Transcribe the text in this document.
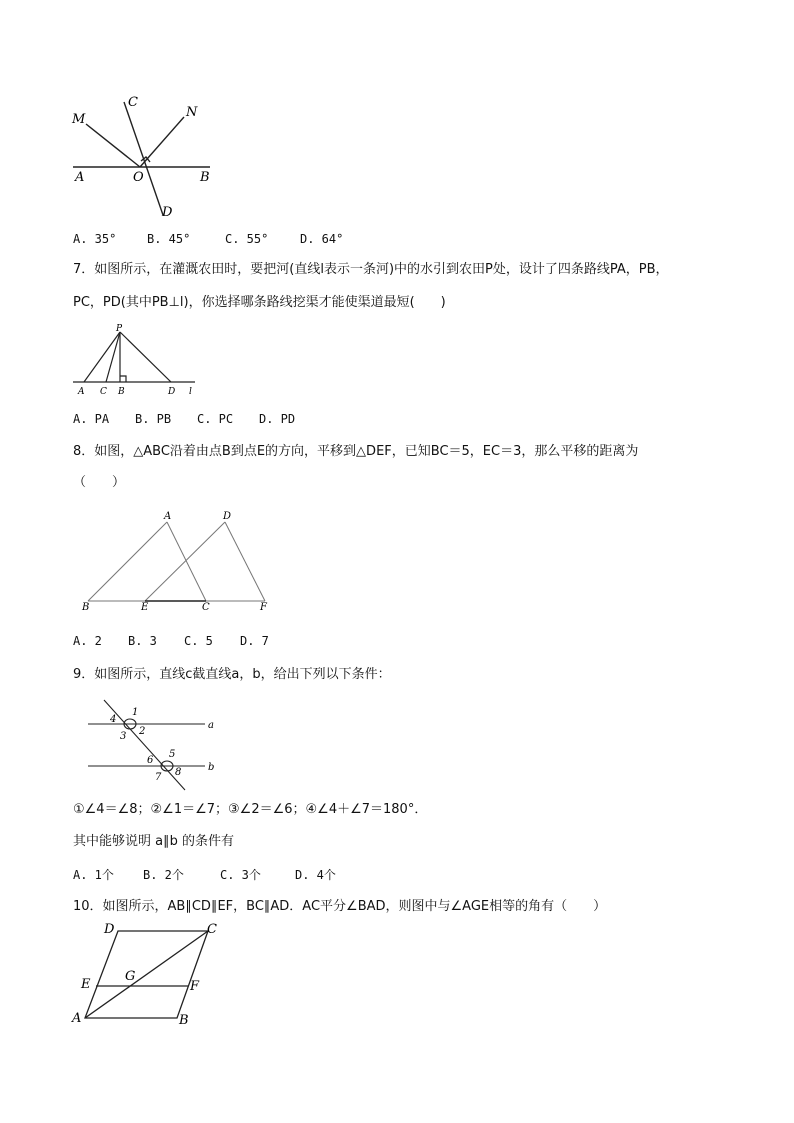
M
C
N
A	O	B
D
A. 35°	B. 45°	C. 55°	D. 64°
7．如图所示，在灌溉农田时，要把河(直线l表示一条河)中的水引到农田P处，设计了四条路线PA，PB，
PC，PD(其中PB⊥l)，你选择哪条路线挖渠才能使渠道最短(　　)
P
A C B	D l
A. PA B. PB C. PC D. PD
8．如图，△ABC沿着由点B到点E的方向，平移到△DEF，已知BC＝5，EC＝3，那么平移的距离为
（　　）
A	D
B	E	C	F
A. 2 B. 3 C. 5 D. 7
9．如图所示，直线c截直线a，b，给出下列以下条件：
1
4
3 2
5
6
7 8
a
b
①∠4＝∠8；②∠1＝∠7；③∠2＝∠6；④∠4＋∠7＝180°．
其中能够说明 a∥b 的条件有
A. 1个 B. 2个	C. 3个	D. 4个
10．如图所示，AB∥CD∥EF，BC∥AD．AC平分∠BAD，则图中与∠AGE相等的角有（　　）
D	C
E
G
F
A	B
